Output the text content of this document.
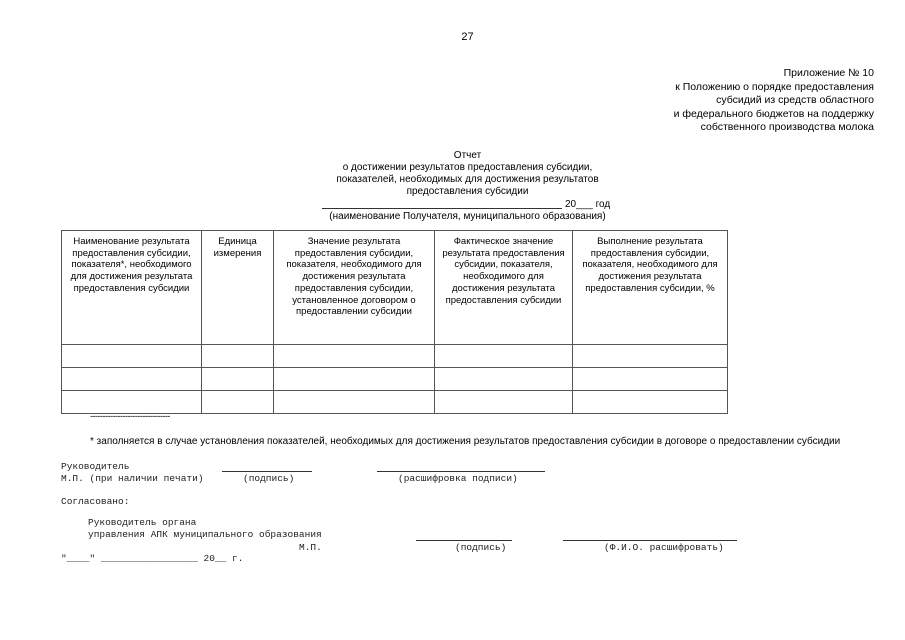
27
Приложение № 10
к Положению о порядке предоставления
субсидий из средств областного
и федерального бюджетов на поддержку
собственного производства молока
Отчет
о достижении результатов предоставления субсидии,
показателей, необходимых для достижения результатов
предоставления субсидии
20___ год
(наименование Получателя, муниципального образования)
Наименование результата предоставления субсидии, показателя*, необходимого для достижения результата предоставления субсидии	Единица измерения	Значение результата предоставления субсидии, показателя, необходимого для достижения результата предоставления субсидии, установленное договором о предоставлении субсидии	Фактическое значение результата предоставления субсидии, показателя, необходимого для достижения результата предоставления субсидии	Выполнение результата предоставления субсидии, показателя, необходимого для достижения результата предоставления субсидии, %

--------------------------------
* заполняется в случае установления показателей, необходимых для достижения результатов предоставления субсидии в договоре о предоставлении субсидии
Руководитель
М.П. (при наличии печати)	(подпись)	(расшифровка подписи)
Согласовано:
Руководитель органа
управления АПК муниципального образования
М.П.	(подпись)	(Ф.И.О. расшифровать)
"____" _________________ 20__ г.
